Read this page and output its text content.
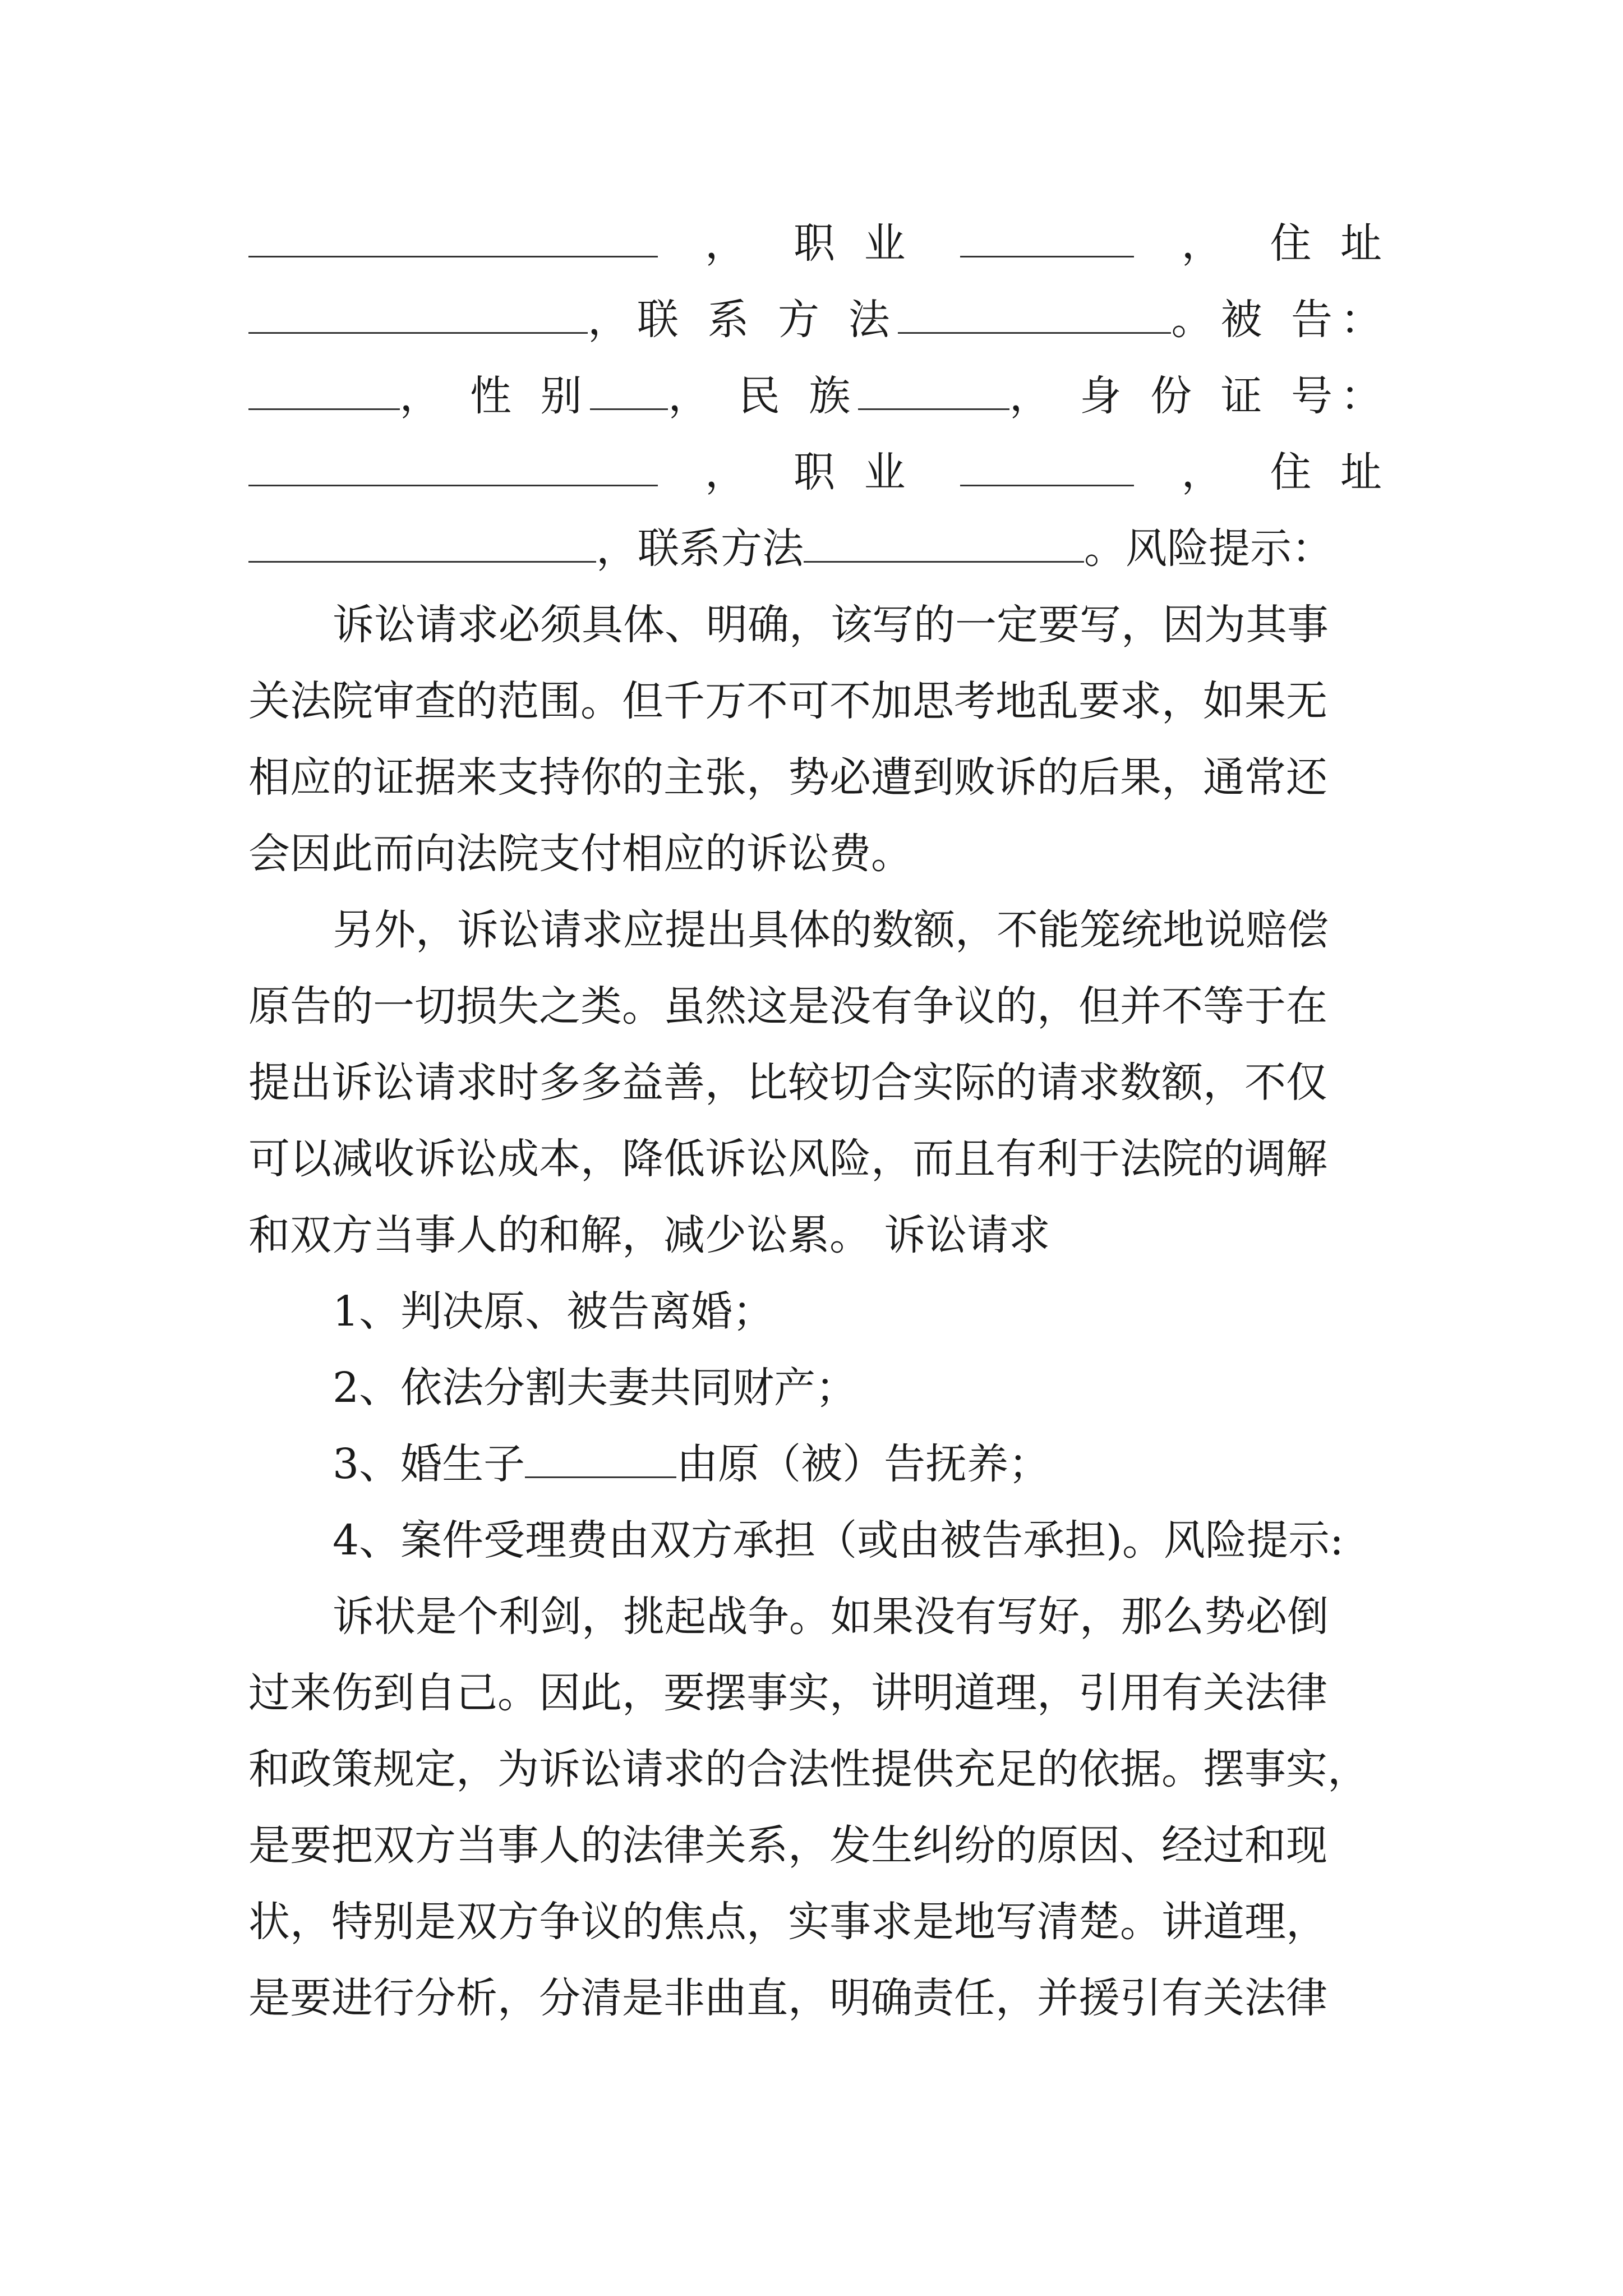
， 职 业	， 住 址
，联 系 方 法	。被 告：
， 性 别 ， 民 族	， 身 份 证 号：
， 职 业	， 住 址
，联系方法	。风险提示：
诉讼请求必须具体、明确，该写的一定要写，因为其事
关法院审查的范围。但千万不可不加思考地乱要求，如果无
相应的证据来支持你的主张，势必遭到败诉的后果，通常还
会因此而向法院支付相应的诉讼费。
另外，诉讼请求应提出具体的数额，不能笼统地说赔偿
原告的一切损失之类。虽然这是没有争议的，但并不等于在
提出诉讼请求时多多益善，比较切合实际的请求数额，不仅
可以减收诉讼成本，降低诉讼风险，而且有利于法院的调解
和双方当事人的和解，减少讼累。 诉讼请求
1、判决原、被告离婚；
2、依法分割夫妻共同财产；
3、婚生子	由原（被）告抚养；
4、案件受理费由双方承担（或由被告承担)。风险提示:
诉状是个利剑，挑起战争。如果没有写好，那么势必倒
过来伤到自己。因此，要摆事实，讲明道理，引用有关法律
和政策规定，为诉讼请求的合法性提供充足的依据。摆事实，
是要把双方当事人的法律关系，发生纠纷的原因、经过和现
状，特别是双方争议的焦点，实事求是地写清楚。讲道理，
是要进行分析，分清是非曲直，明确责任，并援引有关法律
